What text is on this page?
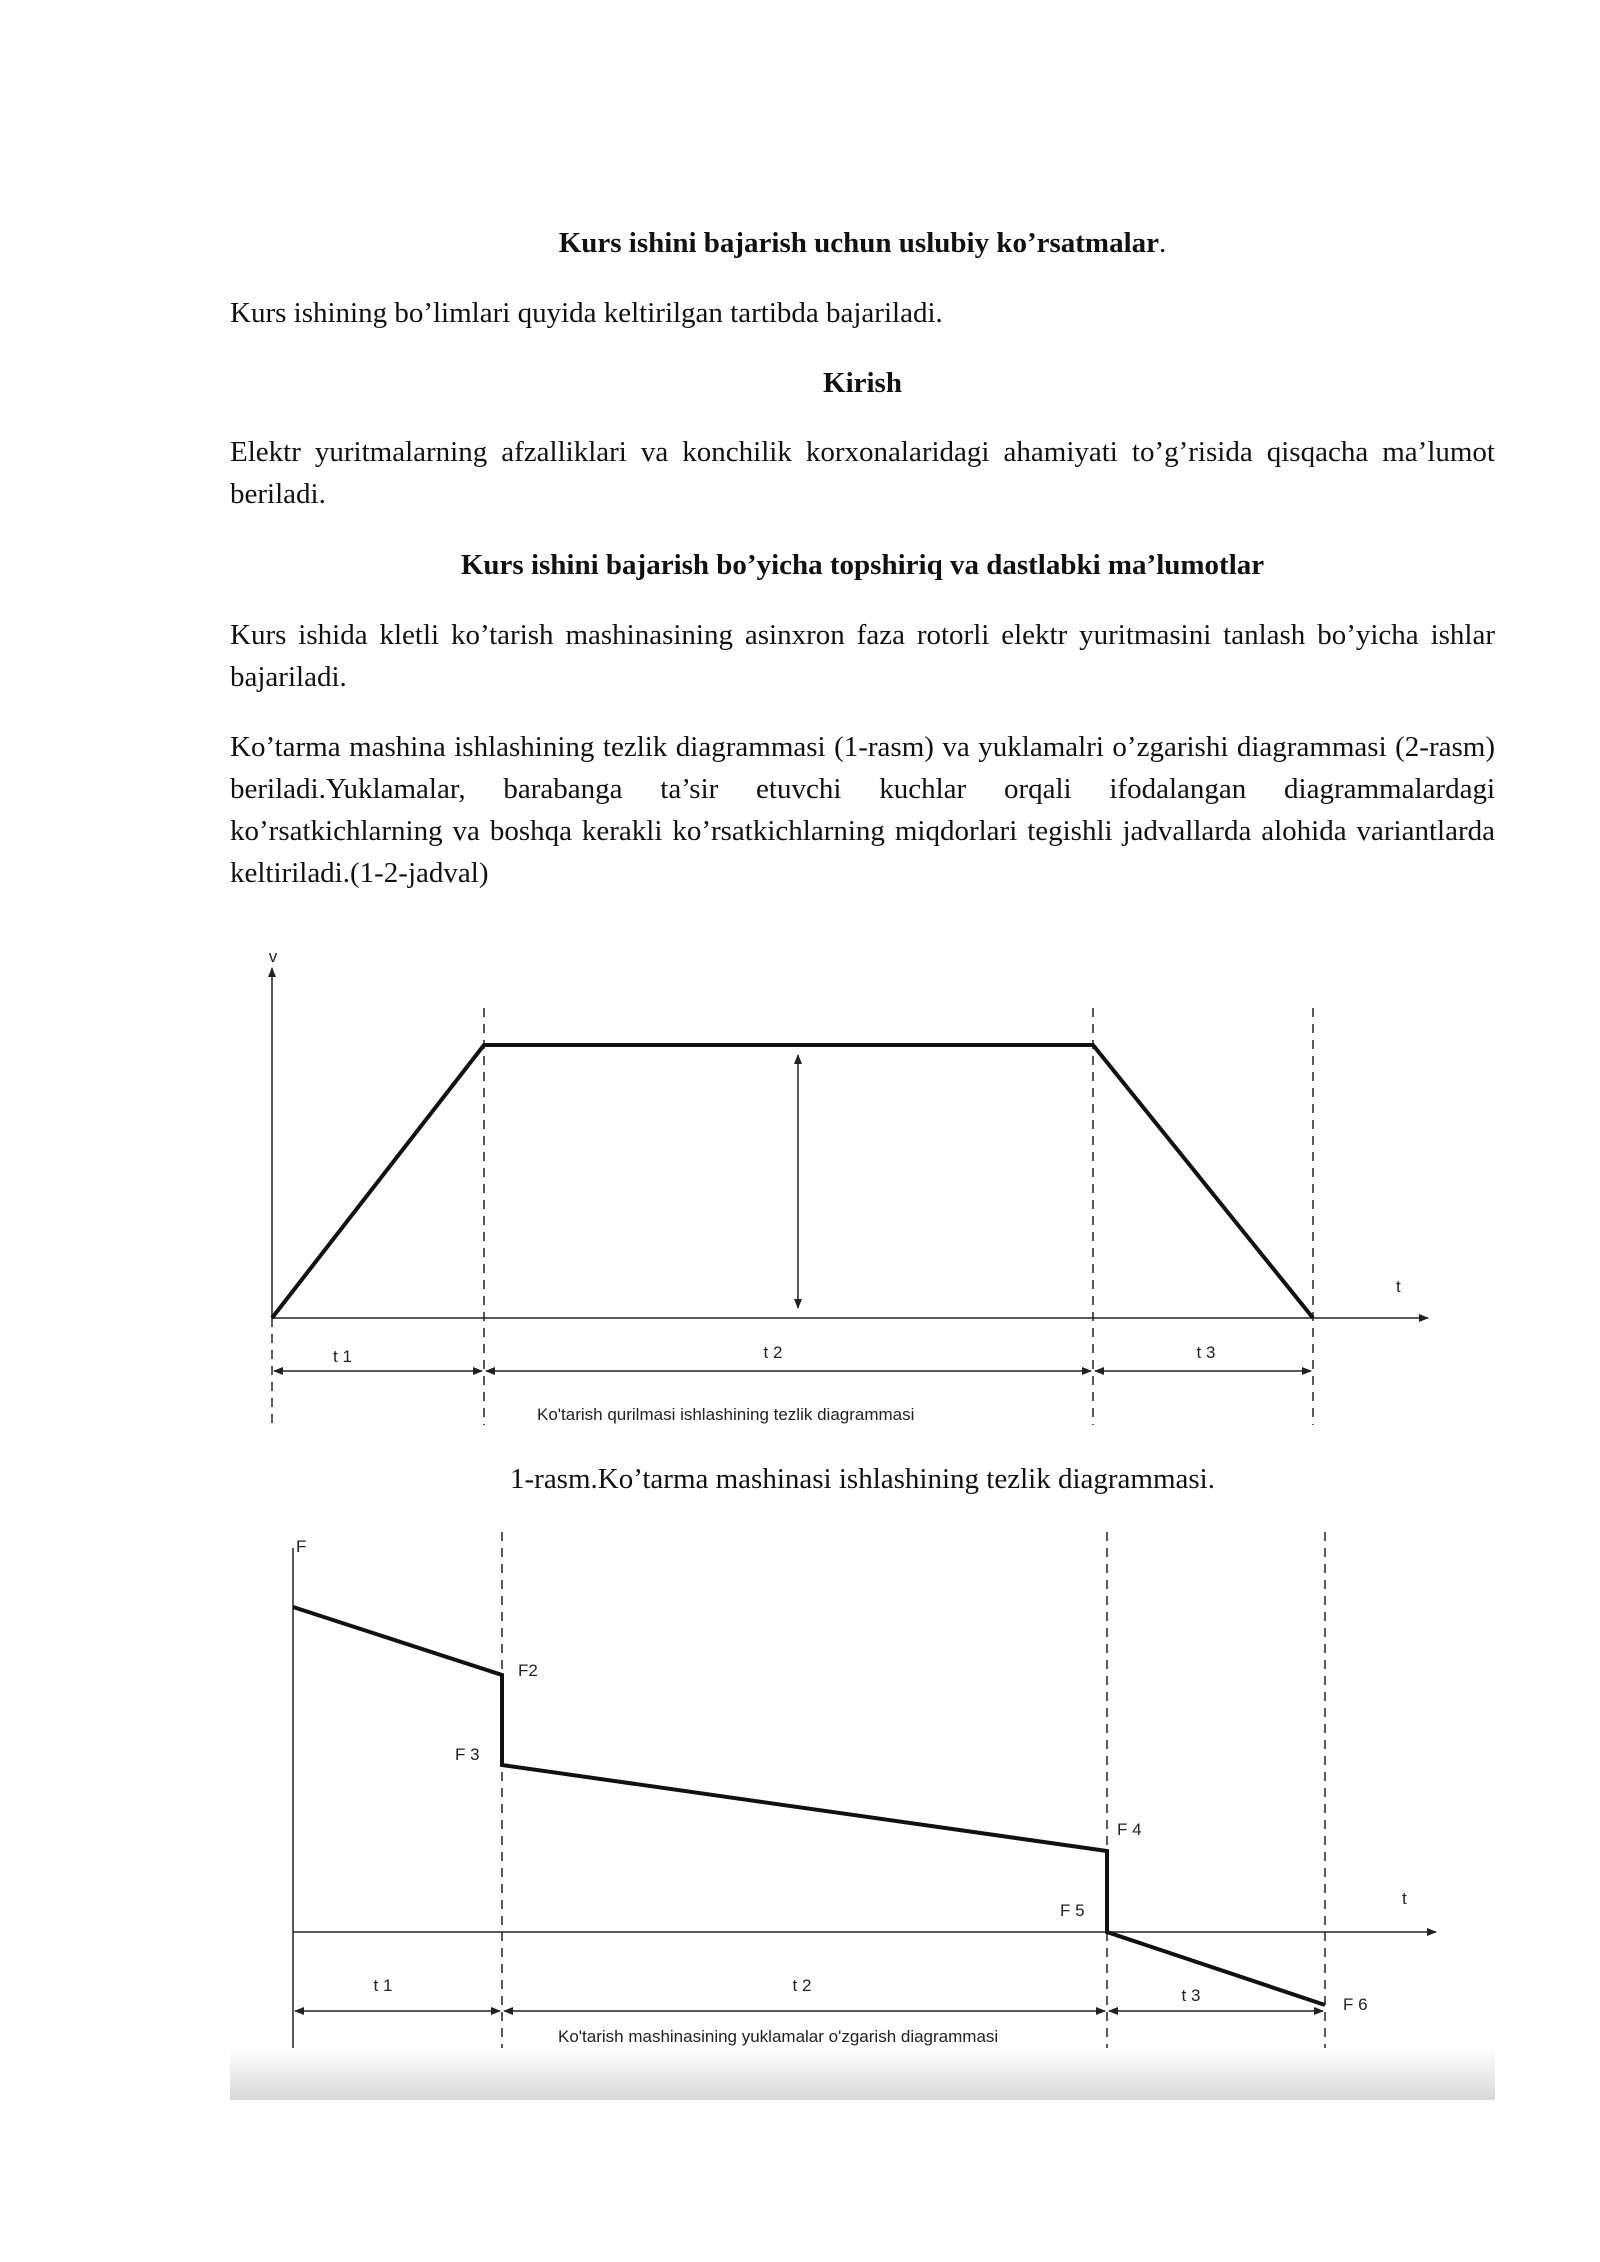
Kurs ishini bajarish uchun uslubiy ko’rsatmalar.

Kurs ishining bo’limlari quyida keltirilgan tartibda bajariladi.

Kirish

Elektr yuritmalarning afzalliklari va konchilik korxonalaridagi ahamiyati to’g’risida qisqacha ma’lumot beriladi.

Kurs ishini bajarish bo’yicha topshiriq va dastlabki ma’lumotlar

Kurs ishida kletli ko’tarish mashinasining asinxron faza rotorli elektr yuritmasini tanlash bo’yicha ishlar bajariladi.

Ko’tarma mashina ishlashining tezlik diagrammasi (1-rasm) va yuklamalri o’zgarishi diagrammasi (2-rasm) beriladi.Yuklamalar, barabanga ta’sir etuvchi kuchlar orqali ifodalangan diagrammalardagi ko’rsatkichlarning va boshqa kerakli ko’rsatkichlarning miqdorlari tegishli jadvallarda alohida variantlarda keltiriladi.(1-2-jadval)

v
t
t 1	t 2	t 3
Ko'tarish qurilmasi ishlashining tezlik diagrammasi

1-rasm.Ko’tarma mashinasi ishlashining tezlik diagrammasi.

F
t
F2
F 3
F 4
F 5
F 6
t 1	t 2
t 3
Ko'tarish mashinasining yuklamalar o'zgarish diagrammasi
